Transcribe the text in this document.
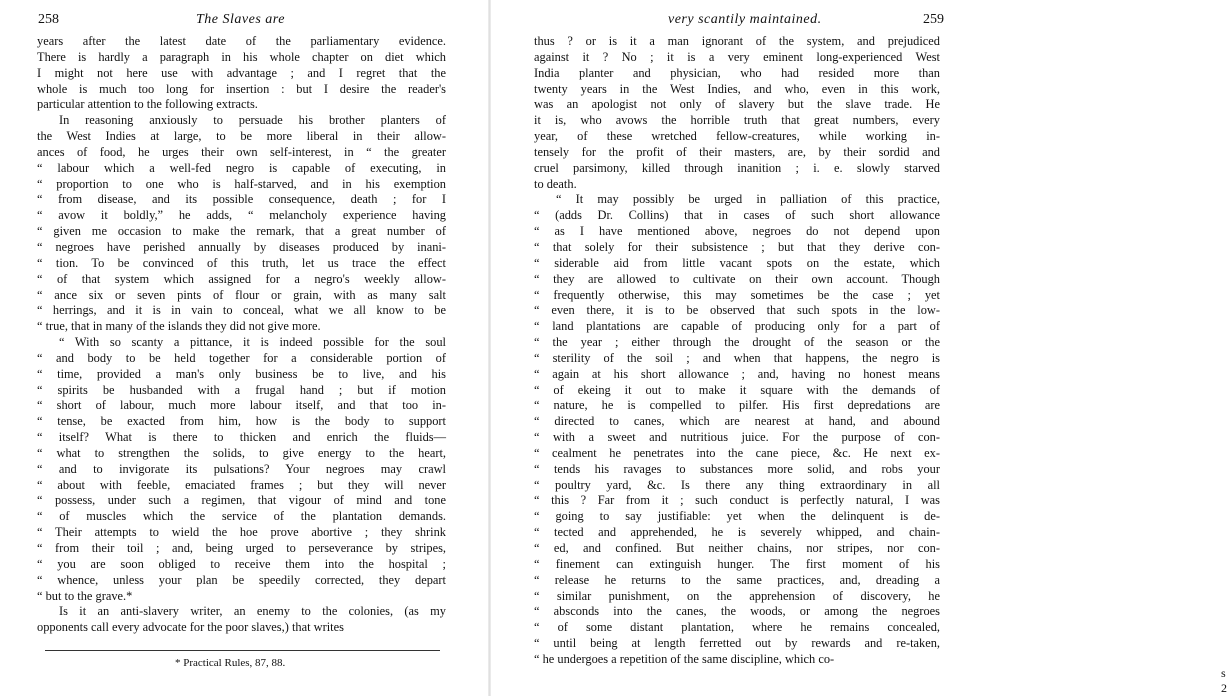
258	The Slaves are
years after the latest date of the parliamentary evidence.
There is hardly a paragraph in his whole chapter on diet which
I might not here use with advantage ; and I regret that the
whole is much too long for insertion : but I desire the reader's
particular attention to the following extracts.
In reasoning anxiously to persuade his brother planters of
the West Indies at large, to be more liberal in their allow-
ances of food, he urges their own self-interest, in “ the greater
“ labour which a well-fed negro is capable of executing, in
“ proportion to one who is half-starved, and in his exemption
“ from disease, and its possible consequence, death ; for I
“ avow it boldly,” he adds, “ melancholy experience having
“ given me occasion to make the remark, that a great number of
“ negroes have perished annually by diseases produced by inani-
“ tion. To be convinced of this truth, let us trace the effect
“ of that system which assigned for a negro's weekly allow-
“ ance six or seven pints of flour or grain, with as many salt
“ herrings, and it is in vain to conceal, what we all know to be
“ true, that in many of the islands they did not give more.
“ With so scanty a pittance, it is indeed possible for the soul
“ and body to be held together for a considerable portion of
“ time, provided a man's only business be to live, and his
“ spirits be husbanded with a frugal hand ; but if motion
“ short of labour, much more labour itself, and that too in-
“ tense, be exacted from him, how is the body to support
“ itself? What is there to thicken and enrich the fluids—
“ what to strengthen the solids, to give energy to the heart,
“ and to invigorate its pulsations? Your negroes may crawl
“ about with feeble, emaciated frames ; but they will never
“ possess, under such a regimen, that vigour of mind and tone
“ of muscles which the service of the plantation demands.
“ Their attempts to wield the hoe prove abortive ; they shrink
“ from their toil ; and, being urged to perseverance by stripes,
“ you are soon obliged to receive them into the hospital ;
“ whence, unless your plan be speedily corrected, they depart
“ but to the grave.*
Is it an anti-slavery writer, an enemy to the colonies, (as my
opponents call every advocate for the poor slaves,) that writes
* Practical Rules, 87, 88.
very scantily maintained.	259
thus ? or is it a man ignorant of the system, and prejudiced
against it ? No ; it is a very eminent long-experienced West
India planter and physician, who had resided more than
twenty years in the West Indies, and who, even in this work,
was an apologist not only of slavery but the slave trade. He
it is, who avows the horrible truth that great numbers, every
year, of these wretched fellow-creatures, while working in-
tensely for the profit of their masters, are, by their sordid and
cruel parsimony, killed through inanition ; i. e. slowly starved
to death.
“ It may possibly be urged in palliation of this practice,
“ (adds Dr. Collins) that in cases of such short allowance
“ as I have mentioned above, negroes do not depend upon
“ that solely for their subsistence ; but that they derive con-
“ siderable aid from little vacant spots on the estate, which
“ they are allowed to cultivate on their own account. Though
“ frequently otherwise, this may sometimes be the case ; yet
“ even there, it is to be observed that such spots in the low-
“ land plantations are capable of producing only for a part of
“ the year ; either through the drought of the season or the
“ sterility of the soil ; and when that happens, the negro is
“ again at his short allowance ; and, having no honest means
“ of ekeing it out to make it square with the demands of
“ nature, he is compelled to pilfer. His first depredations are
“ directed to canes, which are nearest at hand, and abound
“ with a sweet and nutritious juice. For the purpose of con-
“ cealment he penetrates into the cane piece, &c. He next ex-
“ tends his ravages to substances more solid, and robs your
“ poultry yard, &c. Is there any thing extraordinary in all
“ this ? Far from it ; such conduct is perfectly natural, I was
“ going to say justifiable: yet when the delinquent is de-
“ tected and apprehended, he is severely whipped, and chain-
“ ed, and confined. But neither chains, nor stripes, nor con-
“ finement can extinguish hunger. The first moment of his
“ release he returns to the same practices, and, dreading a
“ similar punishment, on the apprehension of discovery, he
“ absconds into the canes, the woods, or among the negroes
“ of some distant plantation, where he remains concealed,
“ until being at length ferretted out by rewards and re-taken,
“ he undergoes a repetition of the same discipline, which co-
s 2
